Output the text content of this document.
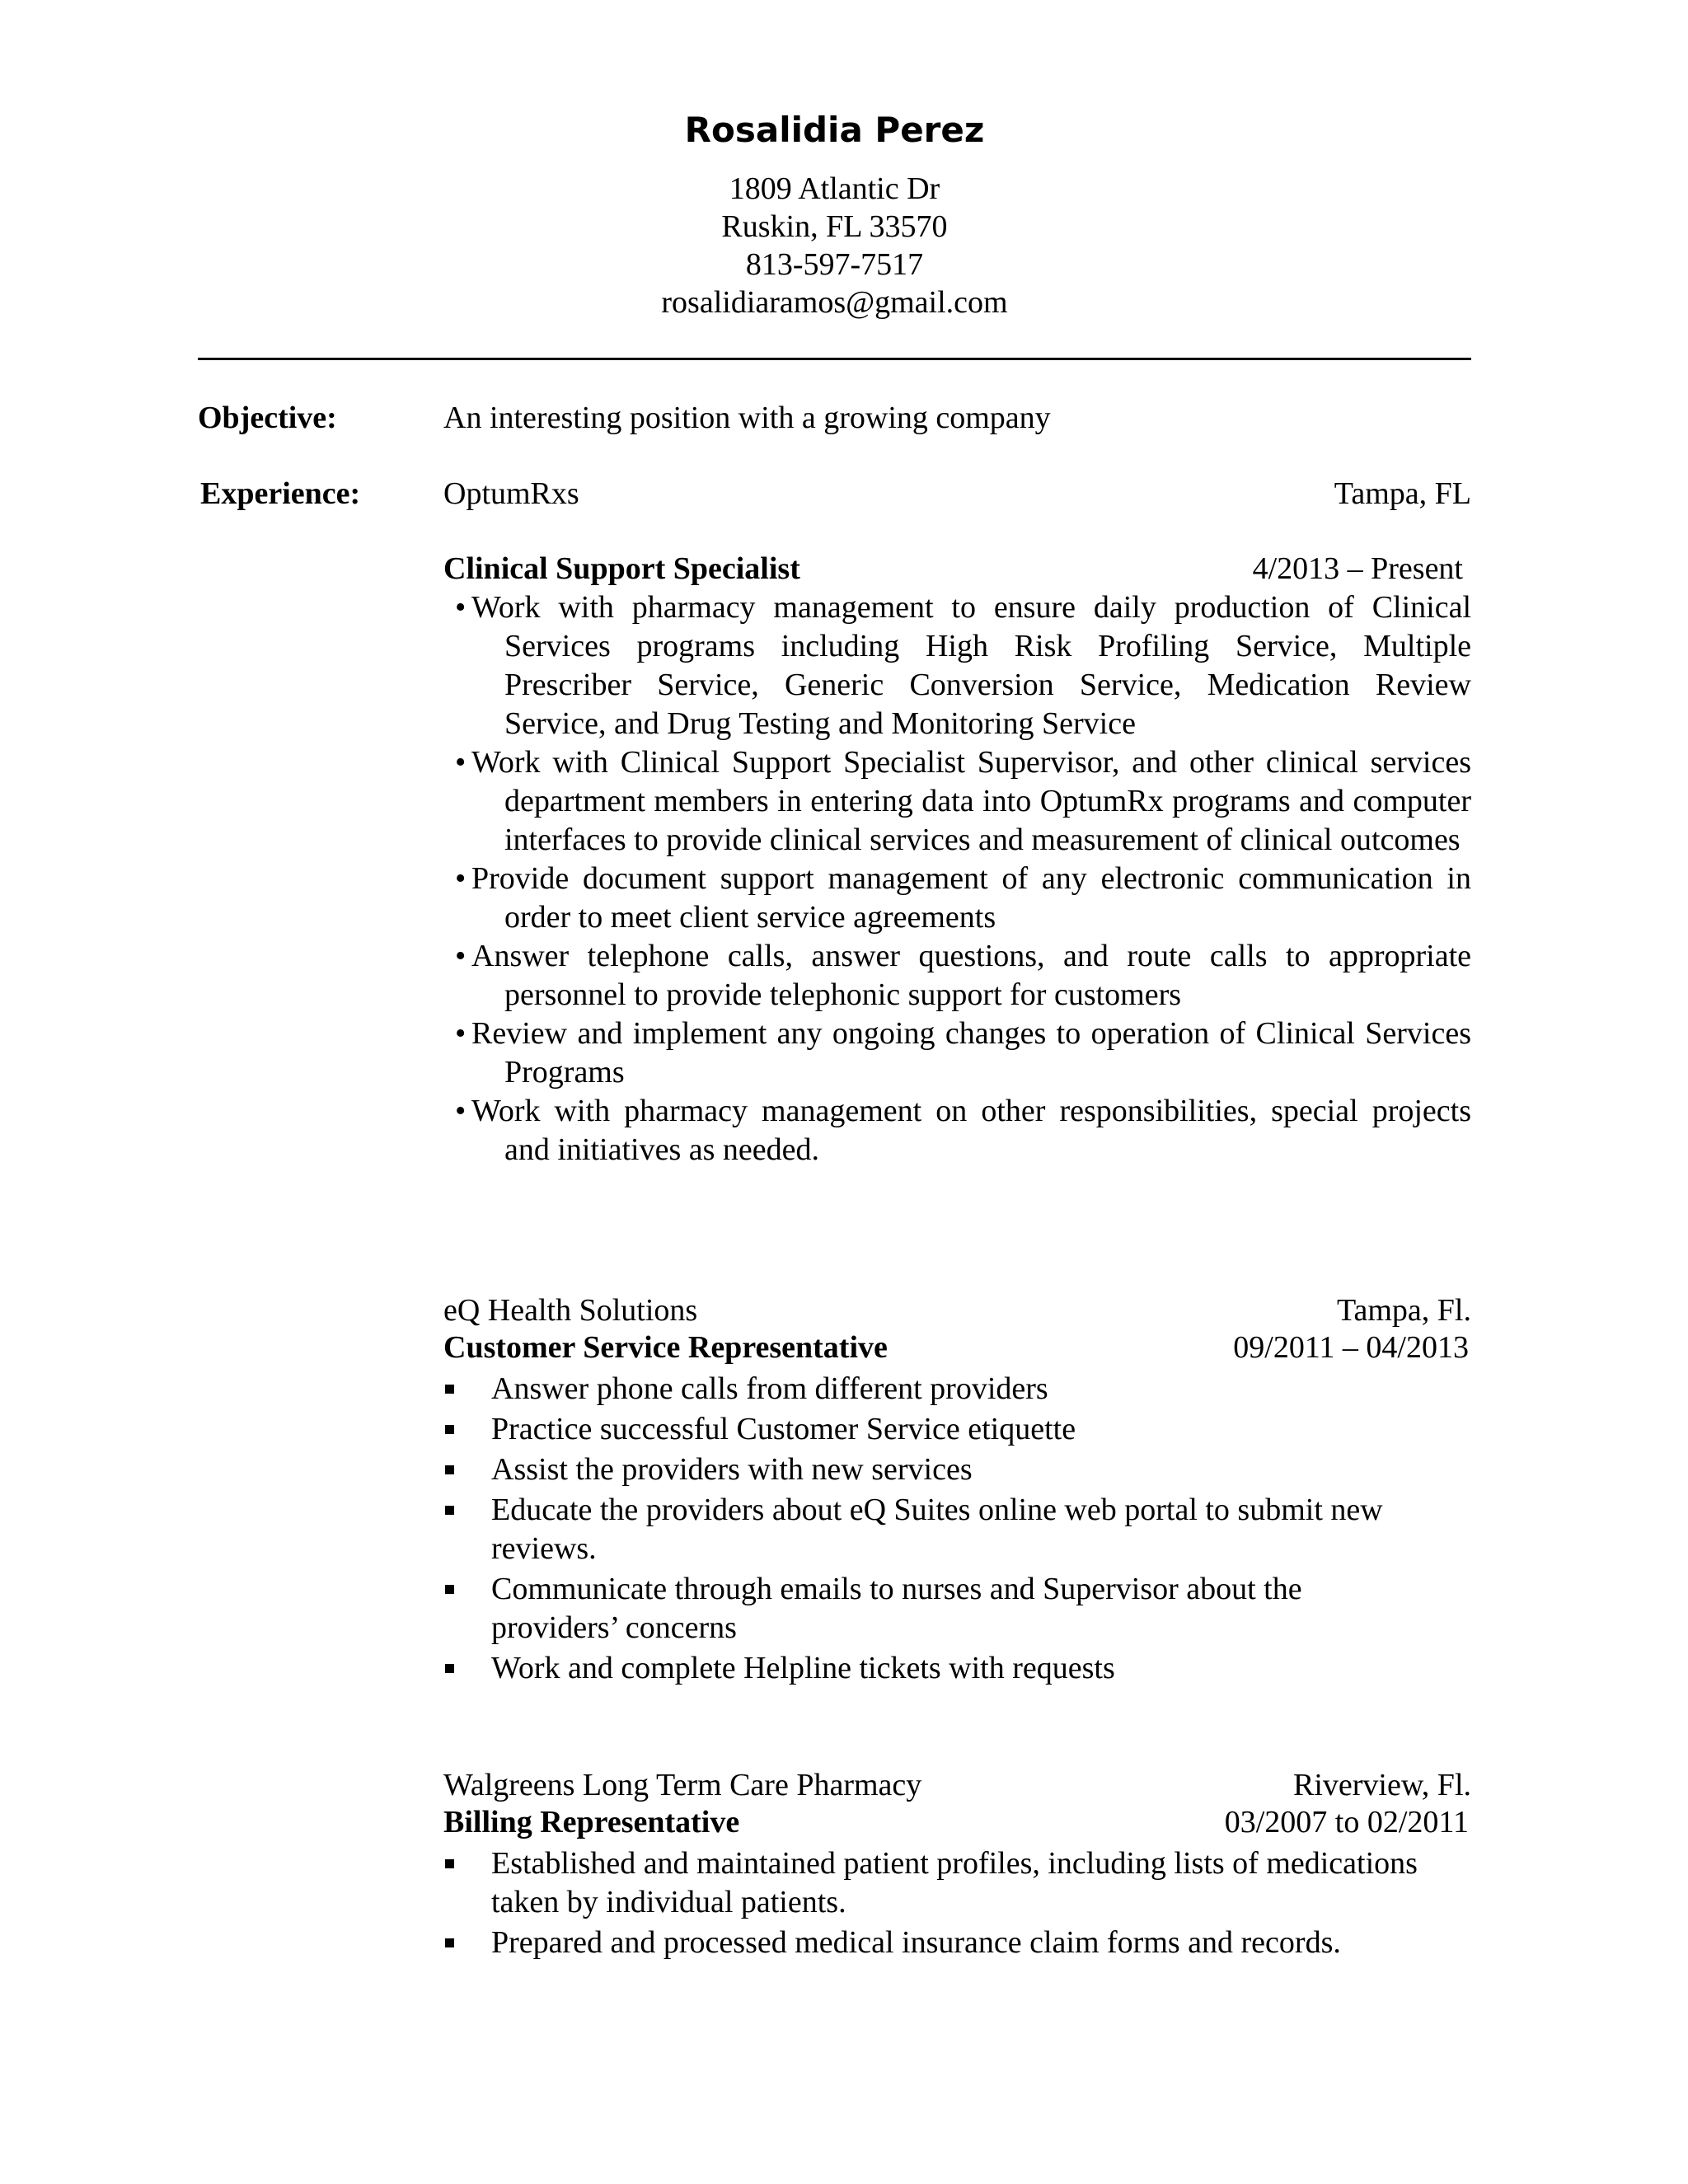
Rosalidia Perez
1809 Atlantic Dr
Ruskin, FL 33570
813-597-7517
rosalidiaramos@gmail.com
Objective:	An interesting position with a growing company
Experience:	OptumRxs	Tampa, FL
Clinical Support Specialist	4/2013 – Present
• Work with pharmacy management to ensure daily production of Clinical Services programs including High Risk Profiling Service, Multiple Prescriber Service, Generic Conversion Service, Medication Review Service, and Drug Testing and Monitoring Service
• Work with Clinical Support Specialist Supervisor, and other clinical services department members in entering data into OptumRx programs and computer interfaces to provide clinical services and measurement of clinical outcomes
• Provide document support management of any electronic communication in order to meet client service agreements
• Answer telephone calls, answer questions, and route calls to appropriate personnel to provide telephonic support for customers
• Review and implement any ongoing changes to operation of Clinical Services Programs
• Work with pharmacy management on other responsibilities, special projects and initiatives as needed.
eQ Health Solutions	Tampa, Fl.
Customer Service Representative	09/2011 – 04/2013
Answer phone calls from different providers
Practice successful Customer Service etiquette
Assist the providers with new services
Educate the providers about eQ Suites online web portal to submit new reviews.
Communicate through emails to nurses and Supervisor about the providers’ concerns
Work and complete Helpline tickets with requests
Walgreens Long Term Care Pharmacy	Riverview, Fl.
Billing Representative	03/2007 to 02/2011
Established and maintained patient profiles, including lists of medications taken by individual patients.
Prepared and processed medical insurance claim forms and records.
